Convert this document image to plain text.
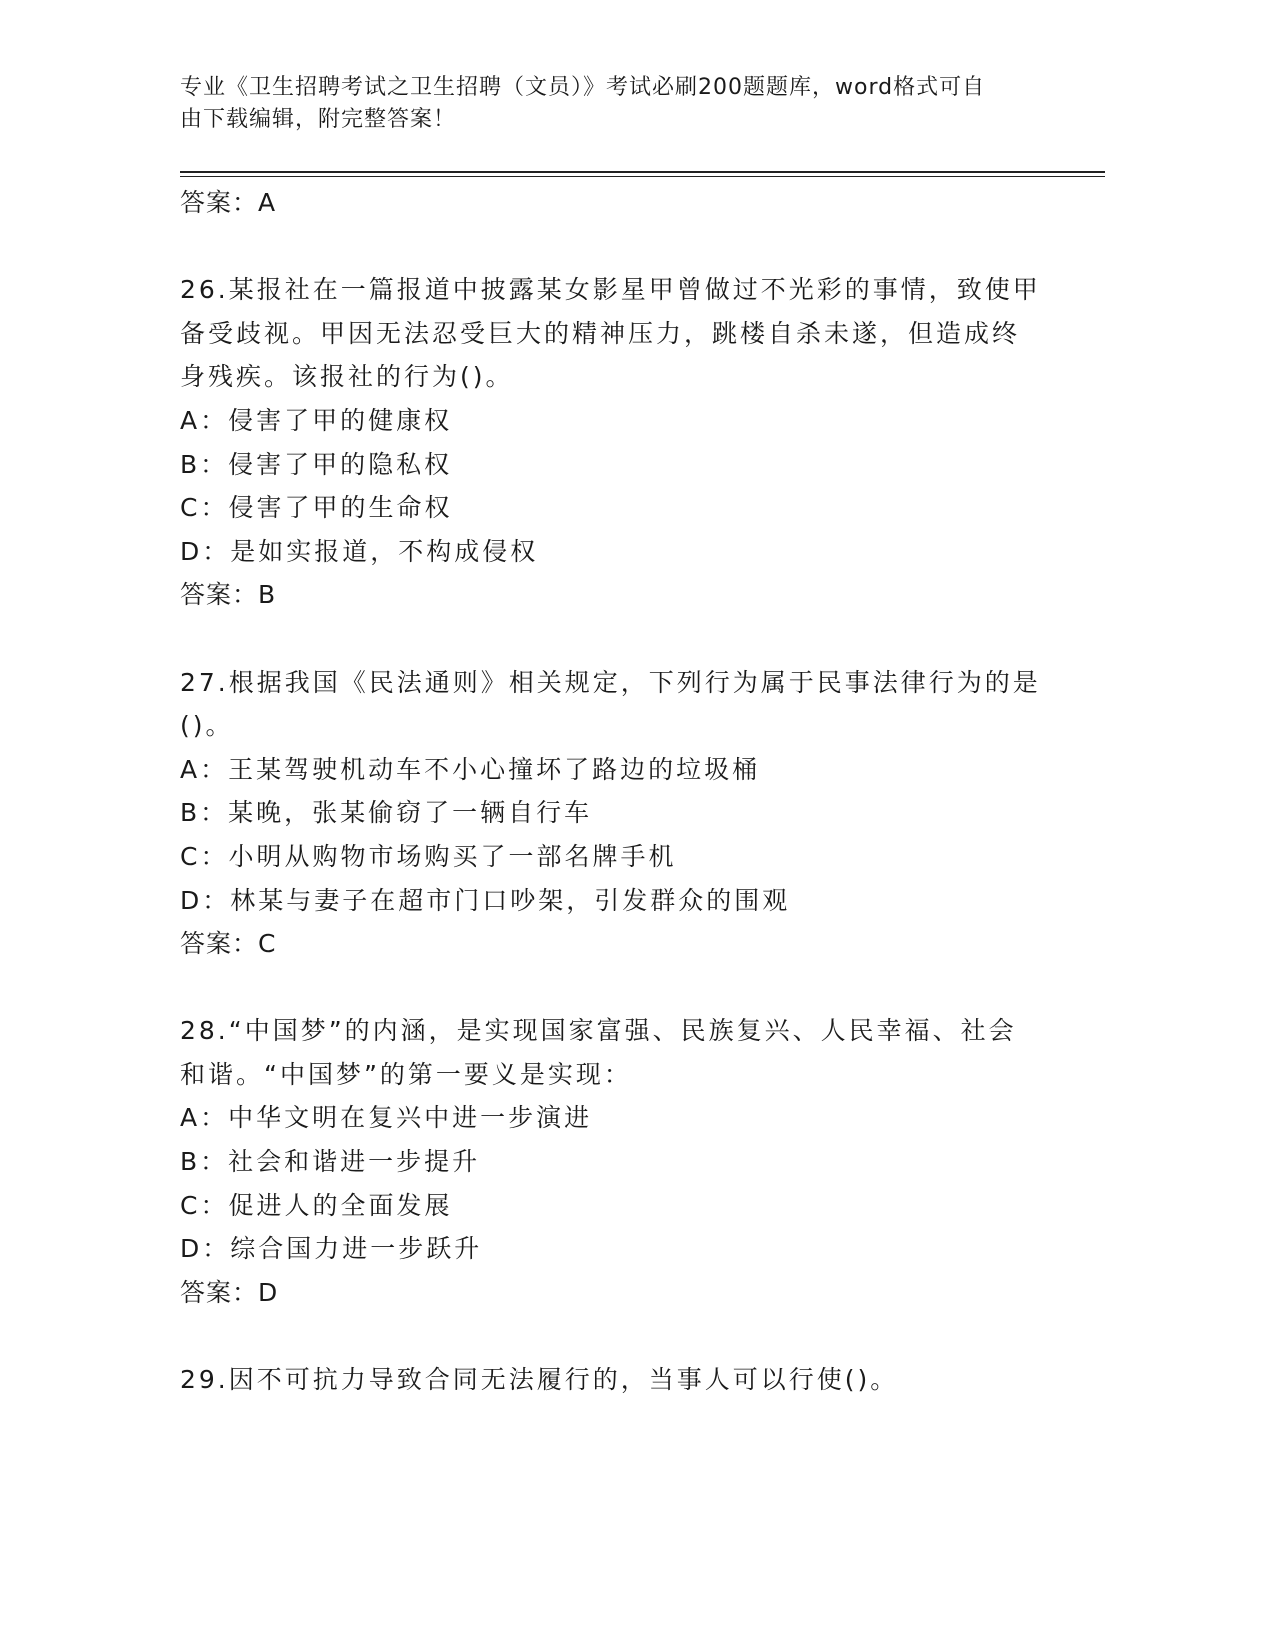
专业《卫生招聘考试之卫生招聘（文员）》考试必刷200题题库，word格式可自
由下载编辑，附完整答案！
答案：A
26.某报社在一篇报道中披露某女影星甲曾做过不光彩的事情，致使甲
备受歧视。甲因无法忍受巨大的精神压力，跳楼自杀未遂，但造成终
身残疾。该报社的行为()。
A：侵害了甲的健康权
B：侵害了甲的隐私权
C：侵害了甲的生命权
D：是如实报道，不构成侵权
答案：B
27.根据我国《民法通则》相关规定，下列行为属于民事法律行为的是
()。
A：王某驾驶机动车不小心撞坏了路边的垃圾桶
B：某晚，张某偷窃了一辆自行车
C：小明从购物市场购买了一部名牌手机
D：林某与妻子在超市门口吵架，引发群众的围观
答案：C
28.“中国梦”的内涵，是实现国家富强、民族复兴、人民幸福、社会
和谐。“中国梦”的第一要义是实现：
A：中华文明在复兴中进一步演进
B：社会和谐进一步提升
C：促进人的全面发展
D：综合国力进一步跃升
答案：D
29.因不可抗力导致合同无法履行的，当事人可以行使()。
